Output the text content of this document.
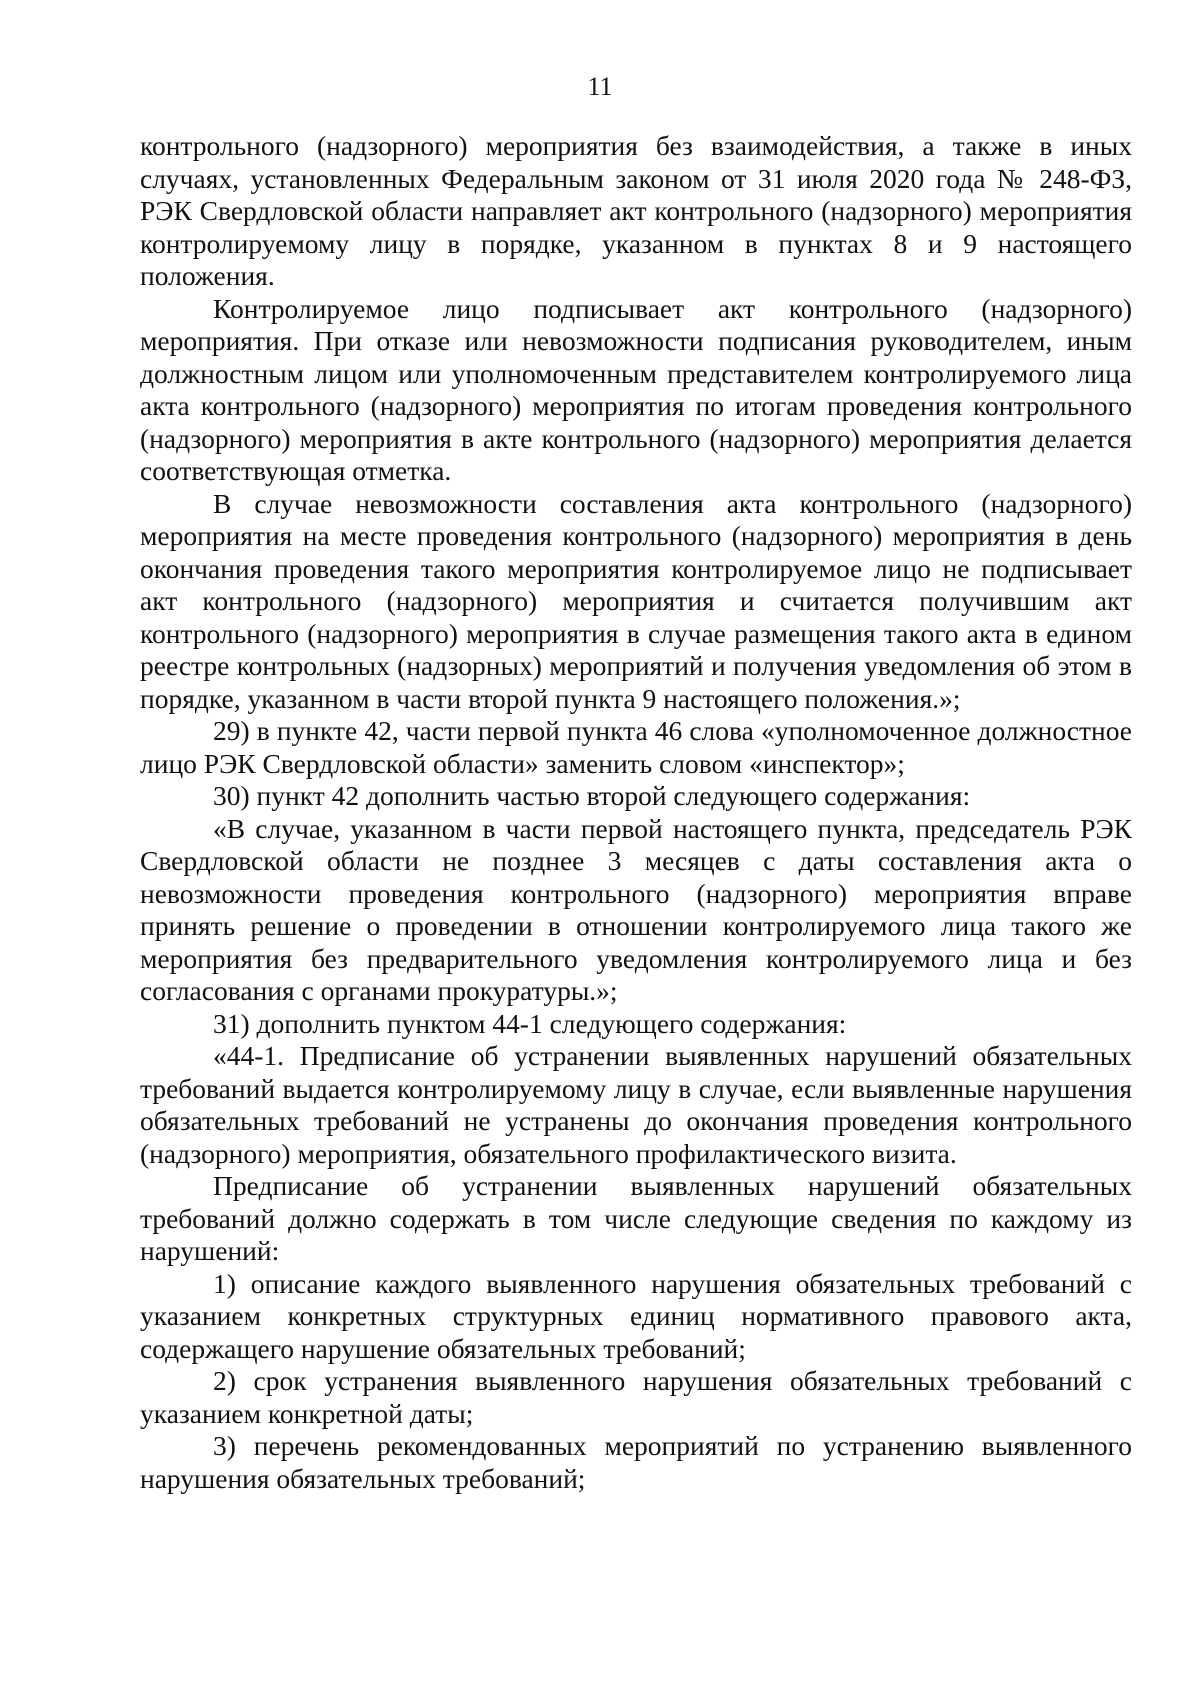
11

контрольного (надзорного) мероприятия без взаимодействия, а также в иных случаях, установленных Федеральным законом от 31 июля 2020 года № 248-ФЗ, РЭК Свердловской области направляет акт контрольного (надзорного) мероприятия контролируемому лицу в порядке, указанном в пунктах 8 и 9 настоящего положения.

Контролируемое лицо подписывает акт контрольного (надзорного) мероприятия. При отказе или невозможности подписания руководителем, иным должностным лицом или уполномоченным представителем контролируемого лица акта контрольного (надзорного) мероприятия по итогам проведения контрольного (надзорного) мероприятия в акте контрольного (надзорного) мероприятия делается соответствующая отметка.

В случае невозможности составления акта контрольного (надзорного) мероприятия на месте проведения контрольного (надзорного) мероприятия в день окончания проведения такого мероприятия контролируемое лицо не подписывает акт контрольного (надзорного) мероприятия и считается получившим акт контрольного (надзорного) мероприятия в случае размещения такого акта в едином реестре контрольных (надзорных) мероприятий и получения уведомления об этом в порядке, указанном в части второй пункта 9 настоящего положения.»;

29) в пункте 42, части первой пункта 46 слова «уполномоченное должностное лицо РЭК Свердловской области» заменить словом «инспектор»;

30) пункт 42 дополнить частью второй следующего содержания:

«В случае, указанном в части первой настоящего пункта, председатель РЭК Свердловской области не позднее 3 месяцев с даты составления акта о невозможности проведения контрольного (надзорного) мероприятия вправе принять решение о проведении в отношении контролируемого лица такого же мероприятия без предварительного уведомления контролируемого лица и без согласования с органами прокуратуры.»;

31) дополнить пунктом 44-1 следующего содержания:

«44-1. Предписание об устранении выявленных нарушений обязательных требований выдается контролируемому лицу в случае, если выявленные нарушения обязательных требований не устранены до окончания проведения контрольного (надзорного) мероприятия, обязательного профилактического визита.

Предписание об устранении выявленных нарушений обязательных требований должно содержать в том числе следующие сведения по каждому из нарушений:

1) описание каждого выявленного нарушения обязательных требований с указанием конкретных структурных единиц нормативного правового акта, содержащего нарушение обязательных требований;

2) срок устранения выявленного нарушения обязательных требований с указанием конкретной даты;

3) перечень рекомендованных мероприятий по устранению выявленного нарушения обязательных требований;
